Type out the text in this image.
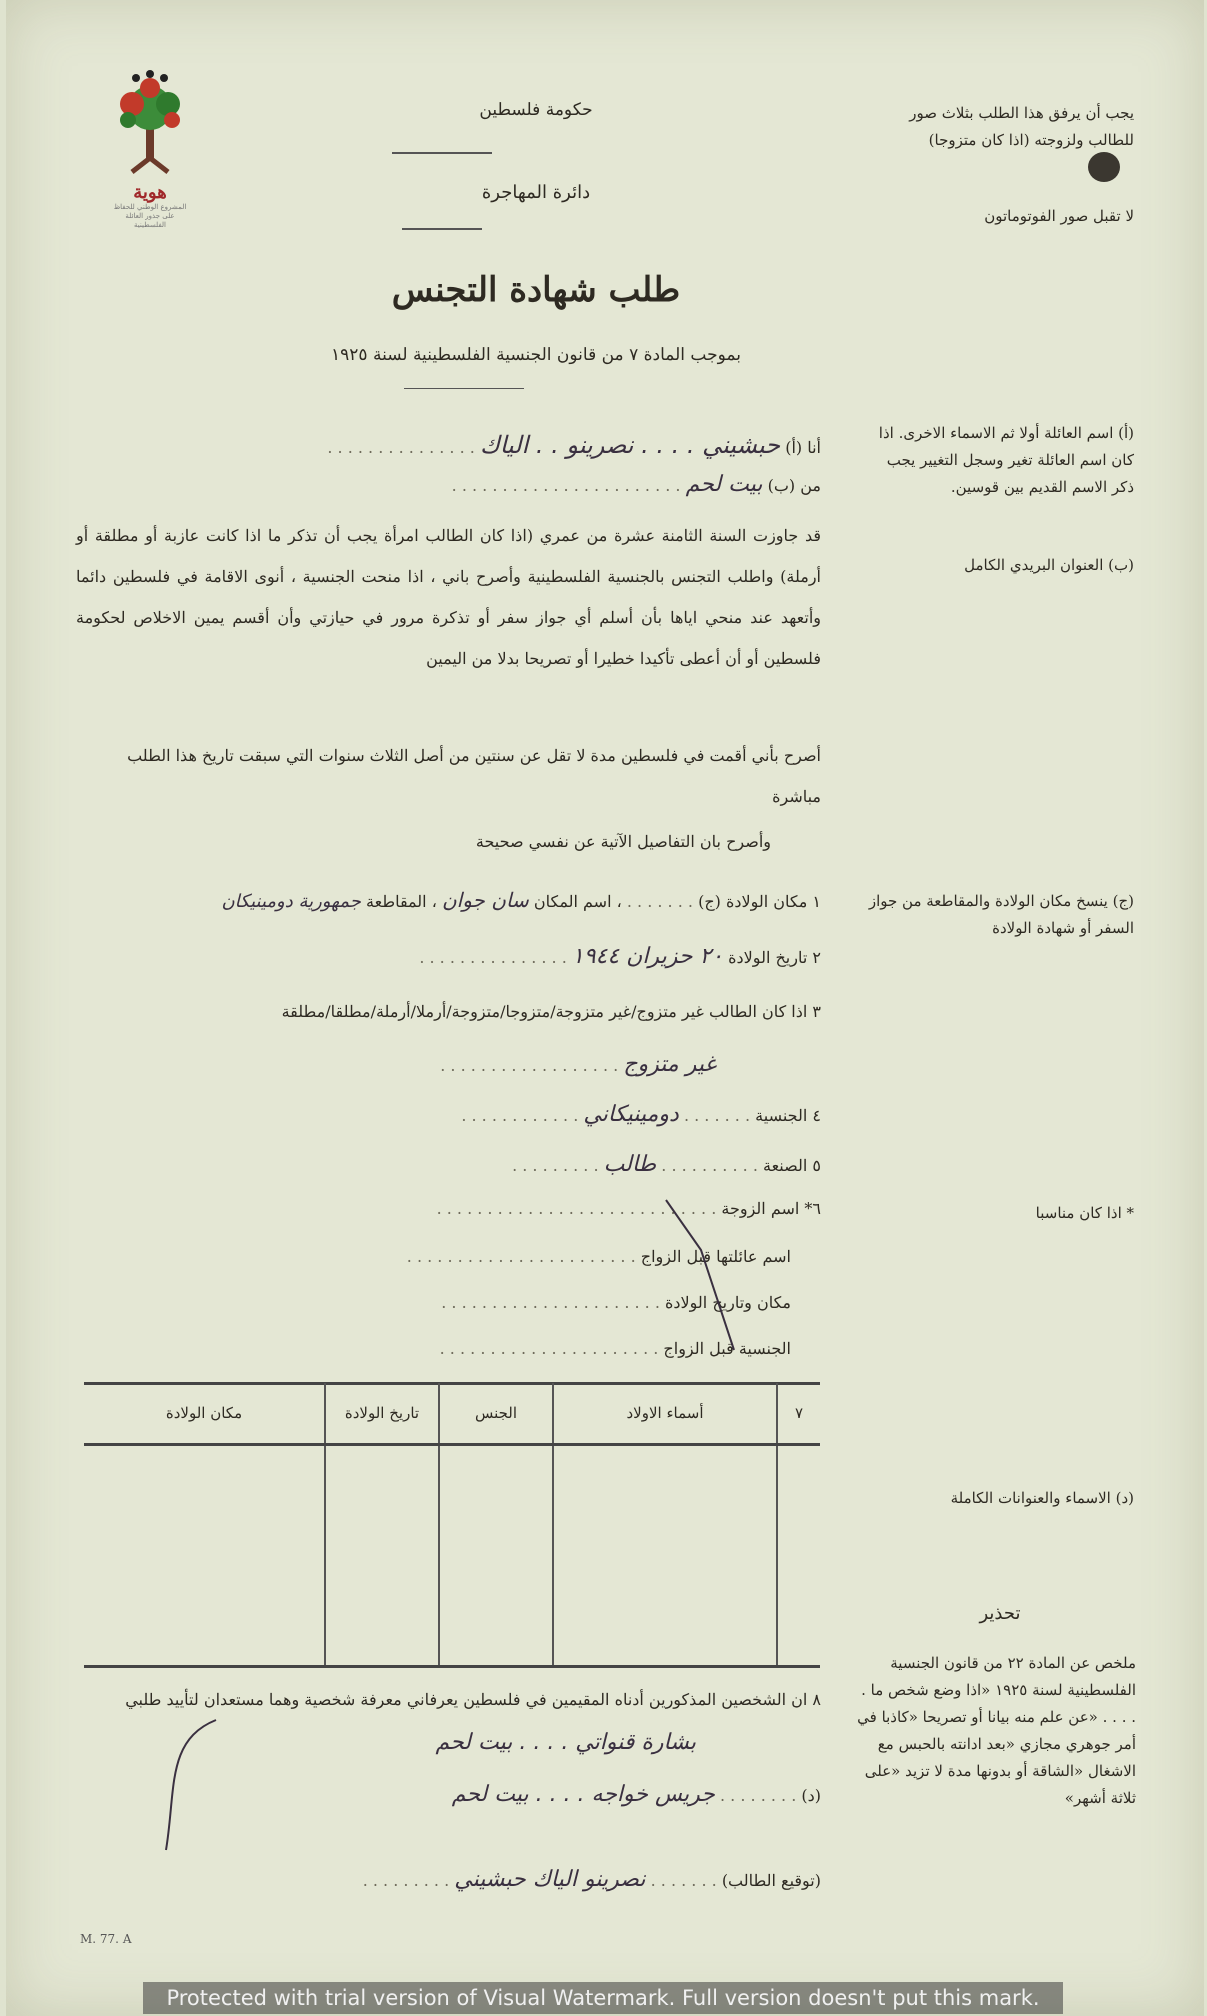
هوية
المشروع الوطني للحفاظ على جذور العائلة الفلسطينية
حكومة فلسطين
دائرة المهاجرة
طلب شهادة التجنس
بموجب المادة ٧ من قانون الجنسية الفلسطينية لسنة ١٩٢٥
يجب أن يرفق هذا الطلب بثلاث صور للطالب ولزوجته (اذا كان متزوجا)
لا تقبل صور الفوتوماتون
(أ) اسم العائلة أولا ثم الاسماء الاخرى. اذا كان اسم العائلة تغير وسجل التغيير يجب ذكر الاسم القديم بين قوسين.
(ب) العنوان البريدي الكامل
(ج) ينسخ مكان الولادة والمقاطعة من جواز السفر أو شهادة الولادة
* اذا كان مناسبا
(د) الاسماء والعنوانات الكاملة
تحذير
ملخص عن المادة ٢٢ من قانون الجنسية الفلسطينية لسنة ١٩٢٥ «اذا وضع شخص ما . . . . . «عن علم منه بيانا أو تصريحا «كاذبا في أمر جوهري مجازي «بعد ادانته بالحبس مع الاشغال «الشاقة أو بدونها مدة لا تزيد «على ثلاثة أشهر»
أنا (أ) حبشيني . . . . نصرينو . . الياك . . . . . . . . . . . . . . .
من (ب) بيت لحم . . . . . . . . . . . . . . . . . . . . . . .
قد جاوزت السنة الثامنة عشرة من عمري (اذا كان الطالب امرأة يجب أن تذكر ما اذا كانت عازبة أو مطلقة أو أرملة) واطلب التجنس بالجنسية الفلسطينية وأصرح باني ، اذا منحت الجنسية ، أنوى الاقامة في فلسطين دائما وأتعهد عند منحي اياها بأن أسلم أي جواز سفر أو تذكرة مرور في حيازتي وأن أقسم يمين الاخلاص لحكومة فلسطين أو أن أعطى تأكيدا خطيرا أو تصريحا بدلا من اليمين
أصرح بأني أقمت في فلسطين مدة لا تقل عن سنتين من أصل الثلاث سنوات التي سبقت تاريخ هذا الطلب مباشرة
وأصرح بان التفاصيل الآتية عن نفسي صحيحة
١ مكان الولادة (ج) . . . . . . . ، اسم المكان سان جوان ، المقاطعة جمهورية دومينيكان
٢ تاريخ الولادة ٢٠ حزيران ١٩٤٤ . . . . . . . . . . . . . . .
٣ اذا كان الطالب غير متزوج/غير متزوجة/متزوجا/متزوجة/أرملا/أرملة/مطلقا/مطلقة
غير متزوج . . . . . . . . . . . . . . . . . .
٤ الجنسية . . . . . . . دومينيكاني . . . . . . . . . . . .
٥ الصنعة . . . . . . . . . . طالب . . . . . . . . .
٦* اسم الزوجة . . . . . . . . . . . . . . . . . . . . . . . . . . . .
اسم عائلتها قبل الزواج . . . . . . . . . . . . . . . . . . . . . . .
مكان وتاريخ الولادة . . . . . . . . . . . . . . . . . . . . . .
الجنسية قبل الزواج . . . . . . . . . . . . . . . . . . . . . .
٧	أسماء الاولاد	الجنس	تاريخ الولادة	مكان الولادة

٨ ان الشخصين المذكورين أدناه المقيمين في فلسطين يعرفاني معرفة شخصية وهما مستعدان لتأييد طلبي
بشارة قنواتي . . . . بيت لحم
(د) . . . . . . . . جريس خواجه . . . . بيت لحم
(توقيع الطالب) . . . . . . . نصرينو الياك حبشيني . . . . . . . . .
M. 77. A
Protected with trial version of Visual Watermark. Full version doesn't put this mark.
